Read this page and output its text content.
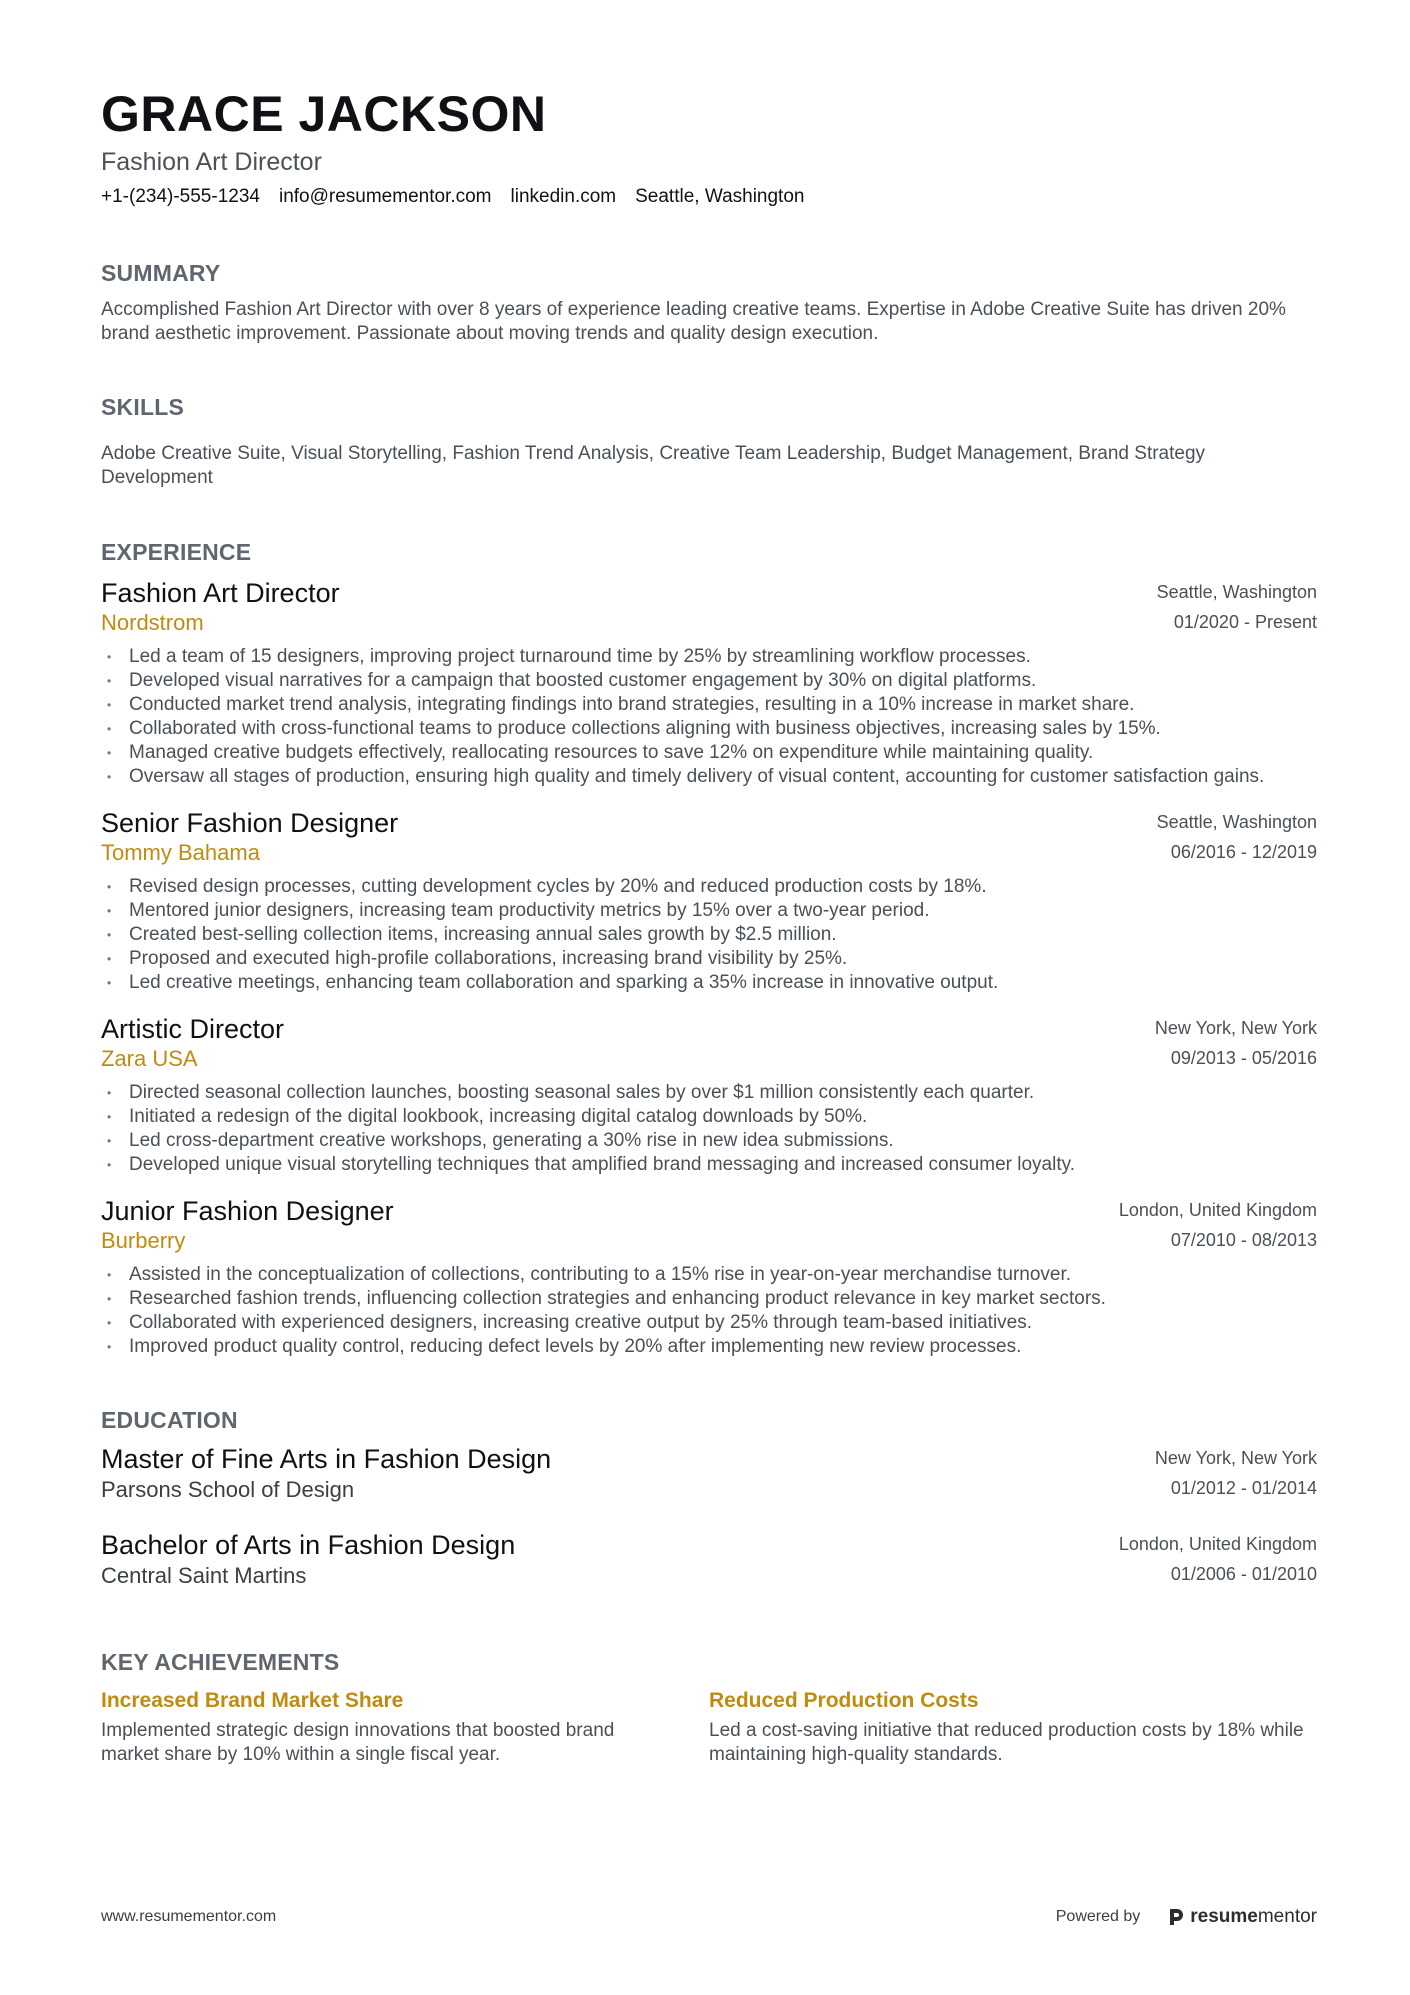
GRACE JACKSON
Fashion Art Director
+1-(234)-555-1234 info@resumementor.com linkedin.com Seattle, Washington
SUMMARY
Accomplished Fashion Art Director with over 8 years of experience leading creative teams. Expertise in Adobe Creative Suite has driven 20% brand aesthetic improvement. Passionate about moving trends and quality design execution.
SKILLS
Adobe Creative Suite, Visual Storytelling, Fashion Trend Analysis, Creative Team Leadership, Budget Management, Brand Strategy Development
EXPERIENCE
Fashion Art Director
Nordstrom
Seattle, Washington
01/2020 - Present
• Led a team of 15 designers, improving project turnaround time by 25% by streamlining workflow processes.
• Developed visual narratives for a campaign that boosted customer engagement by 30% on digital platforms.
• Conducted market trend analysis, integrating findings into brand strategies, resulting in a 10% increase in market share.
• Collaborated with cross-functional teams to produce collections aligning with business objectives, increasing sales by 15%.
• Managed creative budgets effectively, reallocating resources to save 12% on expenditure while maintaining quality.
• Oversaw all stages of production, ensuring high quality and timely delivery of visual content, accounting for customer satisfaction gains.
Senior Fashion Designer
Tommy Bahama
Seattle, Washington
06/2016 - 12/2019
• Revised design processes, cutting development cycles by 20% and reduced production costs by 18%.
• Mentored junior designers, increasing team productivity metrics by 15% over a two-year period.
• Created best-selling collection items, increasing annual sales growth by $2.5 million.
• Proposed and executed high-profile collaborations, increasing brand visibility by 25%.
• Led creative meetings, enhancing team collaboration and sparking a 35% increase in innovative output.
Artistic Director
Zara USA
New York, New York
09/2013 - 05/2016
• Directed seasonal collection launches, boosting seasonal sales by over $1 million consistently each quarter.
• Initiated a redesign of the digital lookbook, increasing digital catalog downloads by 50%.
• Led cross-department creative workshops, generating a 30% rise in new idea submissions.
• Developed unique visual storytelling techniques that amplified brand messaging and increased consumer loyalty.
Junior Fashion Designer
Burberry
London, United Kingdom
07/2010 - 08/2013
• Assisted in the conceptualization of collections, contributing to a 15% rise in year-on-year merchandise turnover.
• Researched fashion trends, influencing collection strategies and enhancing product relevance in key market sectors.
• Collaborated with experienced designers, increasing creative output by 25% through team-based initiatives.
• Improved product quality control, reducing defect levels by 20% after implementing new review processes.
EDUCATION
Master of Fine Arts in Fashion Design
Parsons School of Design
New York, New York
01/2012 - 01/2014
Bachelor of Arts in Fashion Design
Central Saint Martins
London, United Kingdom
01/2006 - 01/2010
KEY ACHIEVEMENTS
Increased Brand Market Share
Implemented strategic design innovations that boosted brand market share by 10% within a single fiscal year.
Reduced Production Costs
Led a cost-saving initiative that reduced production costs by 18% while maintaining high-quality standards.
www.resumementor.com	Powered by	resumementor
